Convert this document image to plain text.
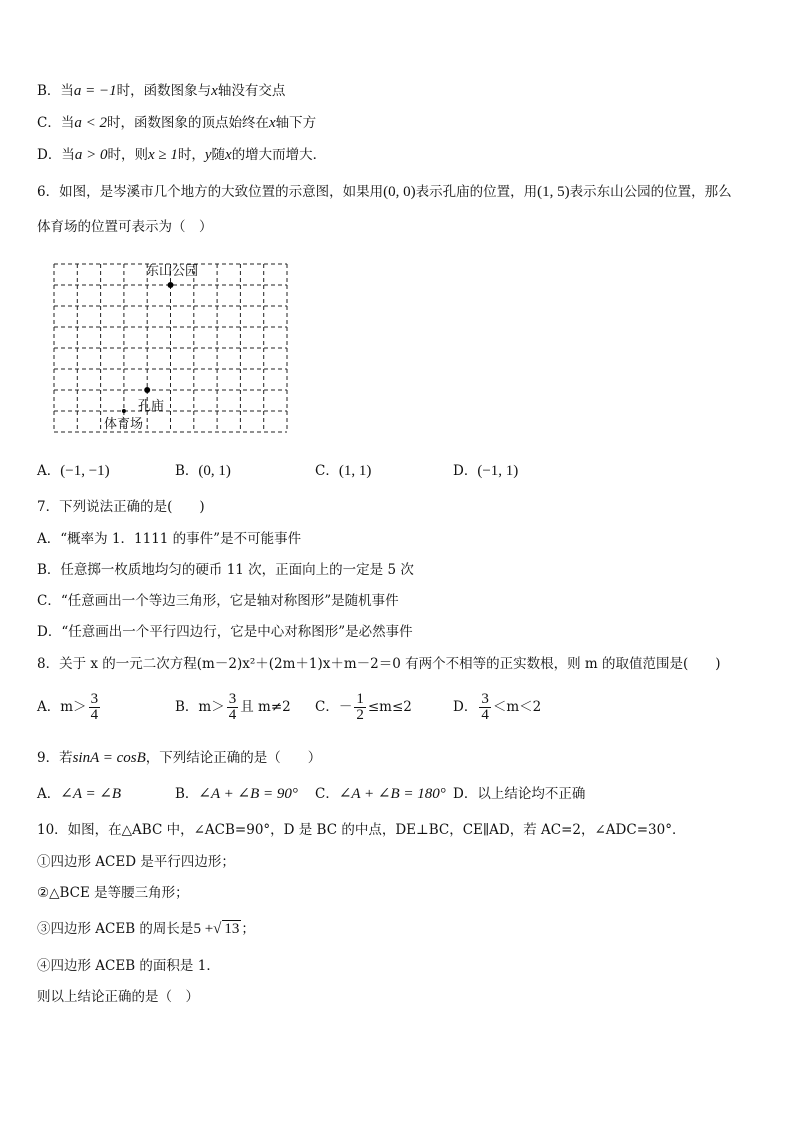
B．当a = −1时，函数图象与x轴没有交点
C．当a < 2时，函数图象的顶点始终在x轴下方
D．当a > 0时，则x ≥ 1时，y随x的增大而增大．
6．如图，是岑溪市几个地方的大致位置的示意图，如果用(0, 0)表示孔庙的位置，用(1, 5)表示东山公园的位置，那么
体育场的位置可表示为（　）
东山公园
孔庙
体育场
A．(−1, −1)	B．(0, 1)	C．(1, 1)	D．(−1, 1)
7．下列说法正确的是(　　)
A．“概率为 1．1111 的事件”是不可能事件
B．任意掷一枚质地均匀的硬币 11 次，正面向上的一定是 5 次
C．“任意画出一个等边三角形，它是轴对称图形”是随机事件
D．“任意画出一个平行四边行，它是中心对称图形”是必然事件
8．关于 x 的一元二次方程(m－2)x²＋(2m＋1)x＋m－2＝0 有两个不相等的正实数根，则 m 的取值范围是(　　)
A．$m> \frac{3}{4}$	B．$m> \frac{3}{4}$ 且 m≠2 C．－ $\frac{1}{2} \le m\le 2$	D． $\frac{3}{4} <m<2$
9．若sinA = cosB，下列结论正确的是（　　）
A．∠A = ∠B	B．∠A + ∠B = 90° C．∠A + ∠B = 180° D．以上结论均不正确
10．如图，在△ABC 中，∠ACB=90°，D 是 BC 的中点，DE⊥BC，CE∥AD，若 AC=2，∠ADC=30°．
①四边形 ACED 是平行四边形；
②△BCE 是等腰三角形；
③四边形 ACEB 的周长是5 +√ 13 ；
④四边形 ACEB 的面积是 1．
则以上结论正确的是（　）
